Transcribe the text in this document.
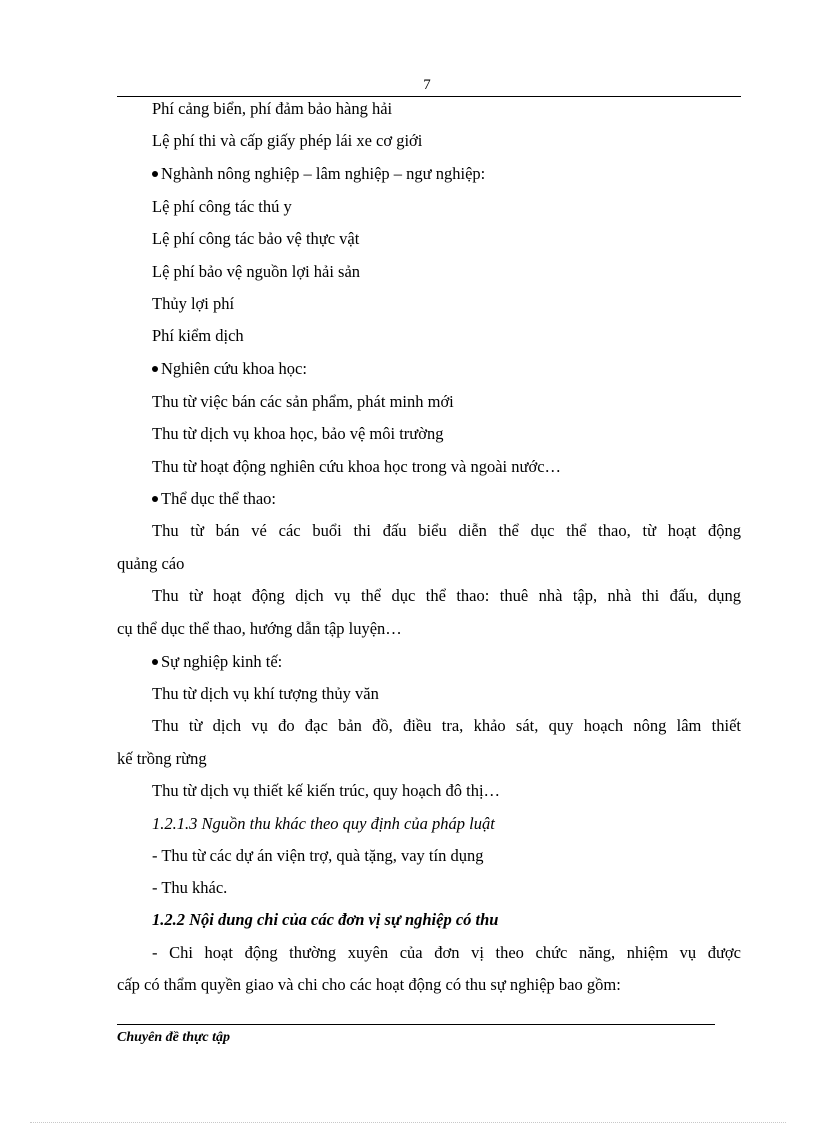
7
Phí cảng biển, phí đảm bảo hàng hải
Lệ phí thi và cấp giấy phép lái xe cơ giới
Nghành nông nghiệp – lâm nghiệp – ngư nghiệp:
Lệ phí công tác thú y
Lệ phí công tác bảo vệ thực vật
Lệ phí bảo vệ nguồn lợi hải sản
Thủy lợi phí
Phí kiểm dịch
Nghiên cứu khoa học:
Thu từ việc bán các sản phẩm, phát minh mới
Thu từ dịch vụ khoa học, bảo vệ môi trường
Thu từ hoạt động nghiên cứu khoa học trong và ngoài nước…
Thể dục thể thao:
Thu từ bán vé các buổi thi đấu biểu diễn thể dục thể thao, từ hoạt động
quảng cáo
Thu từ hoạt động dịch vụ thể dục thể thao: thuê nhà tập, nhà thi đấu, dụng
cụ thể dục thể thao, hướng dẫn tập luyện…
Sự nghiệp kinh tế:
Thu từ dịch vụ khí tượng thủy văn
Thu từ dịch vụ đo đạc bản đồ, điều tra, khảo sát, quy hoạch nông lâm thiết
kế trồng rừng
Thu từ dịch vụ thiết kế kiến trúc, quy hoạch đô thị…
1.2.1.3 Nguồn thu khác theo quy định của pháp luật
- Thu từ các dự án viện trợ, quà tặng, vay tín dụng
- Thu khác.
1.2.2 Nội dung chi của các đơn vị sự nghiệp có thu
- Chi hoạt động thường xuyên của đơn vị theo chức năng, nhiệm vụ được
cấp có thẩm quyền giao và chi cho các hoạt động có thu sự nghiệp bao gồm:
Chuyên đề thực tập
